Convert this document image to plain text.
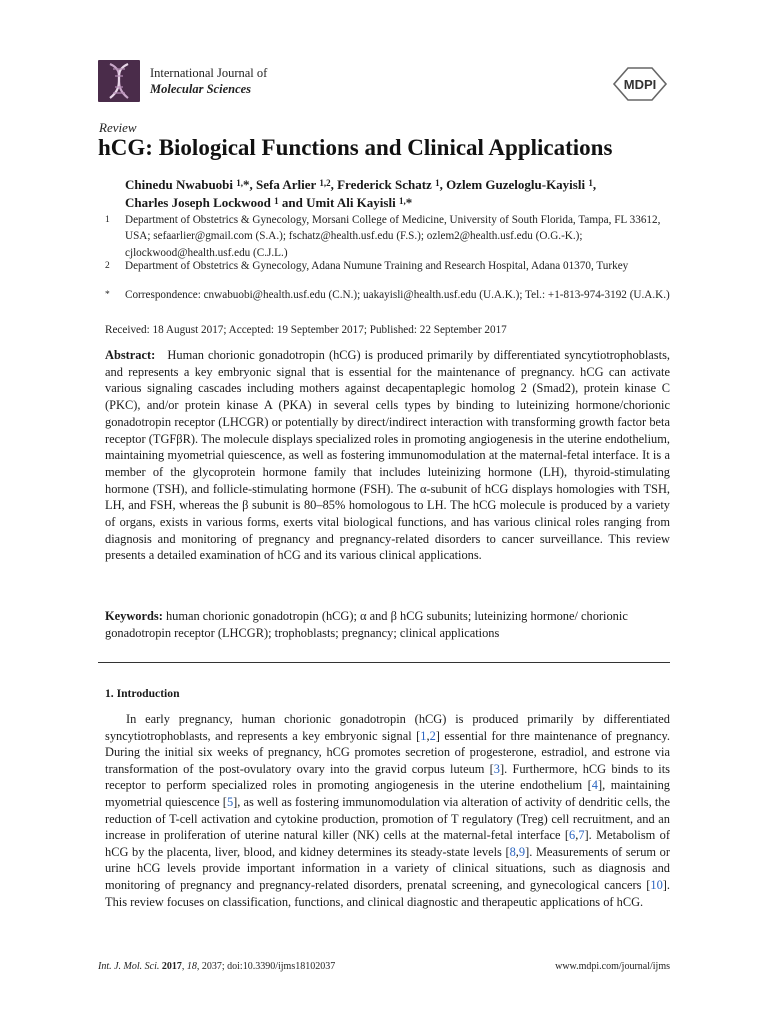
International Journal of
Molecular Sciences	MDPI
Review
hCG: Biological Functions and Clinical Applications
Chinedu Nwabuobi $^{1,}$*, Sefa Arlier $^{1,2}$, Frederick Schatz $^1$, Ozlem Guzeloglu-Kayisli $^1$,
Charles Joseph Lockwood $^1$ and Umit Ali Kayisli $^{1,}$*
1 Department of Obstetrics & Gynecology, Morsani College of Medicine, University of South Florida, Tampa, FL 33612, USA; sefaarlier@gmail.com (S.A.); fschatz@health.usf.edu (F.S.); ozlem2@health.usf.edu (O.G.-K.); cjlockwood@health.usf.edu (C.J.L.)
2 Department of Obstetrics & Gynecology, Adana Numune Training and Research Hospital, Adana 01370, Turkey
* Correspondence: cnwabuobi@health.usf.edu (C.N.); uakayisli@health.usf.edu (U.A.K.); Tel.: +1-813-974-3192 (U.A.K.)
Received: 18 August 2017; Accepted: 19 September 2017; Published: 22 September 2017
Abstract: Human chorionic gonadotropin (hCG) is produced primarily by differentiated syncytiotrophoblasts, and represents a key embryonic signal that is essential for the maintenance of pregnancy. hCG can activate various signaling cascades including mothers against decapentaplegic homolog 2 (Smad2), protein kinase C (PKC), and/or protein kinase A (PKA) in several cells types by binding to luteinizing hormone/chorionic gonadotropin receptor (LHCGR) or potentially by direct/indirect interaction with transforming growth factor beta receptor (TGFβR). The molecule displays specialized roles in promoting angiogenesis in the uterine endothelium, maintaining myometrial quiescence, as well as fostering immunomodulation at the maternal-fetal interface. It is a member of the glycoprotein hormone family that includes luteinizing hormone (LH), thyroid-stimulating hormone (TSH), and follicle-stimulating hormone (FSH). The α-subunit of hCG displays homologies with TSH, LH, and FSH, whereas the β subunit is 80–85% homologous to LH. The hCG molecule is produced by a variety of organs, exists in various forms, exerts vital biological functions, and has various clinical roles ranging from diagnosis and monitoring of pregnancy and pregnancy-related disorders to cancer surveillance. This review presents a detailed examination of hCG and its various clinical applications.
Keywords: human chorionic gonadotropin (hCG); α and β hCG subunits; luteinizing hormone/ chorionic gonadotropin receptor (LHCGR); trophoblasts; pregnancy; clinical applications
1. Introduction

In early pregnancy, human chorionic gonadotropin (hCG) is produced primarily by differentiated syncytiotrophoblasts, and represents a key embryonic signal [1,2] essential for thre maintenance of pregnancy. During the initial six weeks of pregnancy, hCG promotes secretion of progesterone, estradiol, and estrone via transformation of the post-ovulatory ovary into the gravid corpus luteum [3]. Furthermore, hCG binds to its receptor to perform specialized roles in promoting angiogenesis in the uterine endothelium [4], maintaining myometrial quiescence [5], as well as fostering immunomodulation via alteration of activity of dendritic cells, the reduction of T-cell activation and cytokine production, promotion of T regulatory (Treg) cell recruitment, and an increase in proliferation of uterine natural killer (NK) cells at the maternal-fetal interface [6,7]. Metabolism of hCG by the placenta, liver, blood, and kidney determines its steady-state levels [8,9]. Measurements of serum or urine hCG levels provide important information in a variety of clinical situations, such as diagnosis and monitoring of pregnancy and pregnancy-related disorders, prenatal screening, and gynecological cancers [10]. This review focuses on classification, functions, and clinical diagnostic and therapeutic applications of hCG.

Int. J. Mol. Sci. 2017, 18, 2037; doi:10.3390/ijms18102037	www.mdpi.com/journal/ijms
